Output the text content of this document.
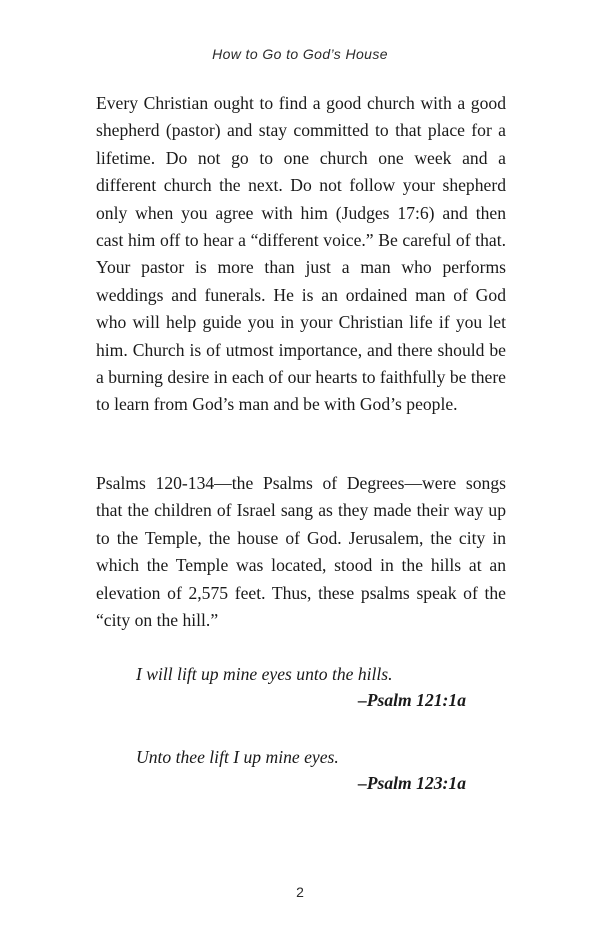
How to Go to God’s House

Every Christian ought to find a good church with a good shepherd (pastor) and stay committed to that place for a lifetime. Do not go to one church one week and a different church the next. Do not follow your shepherd only when you agree with him (Judges 17:6) and then cast him off to hear a “different voice.” Be careful of that. Your pastor is more than just a man who performs weddings and funerals. He is an ordained man of God who will help guide you in your Christian life if you let him. Church is of utmost importance, and there should be a burning desire in each of our hearts to faithfully be there to learn from God’s man and be with God’s people.

Psalms 120-134—the Psalms of Degrees—were songs that the children of Israel sang as they made their way up to the Temple, the house of God. Jerusalem, the city in which the Temple was located, stood in the hills at an elevation of 2,575 feet. Thus, these psalms speak of the “city on the hill.”

I will lift up mine eyes unto the hills.

–Psalm 121:1a

Unto thee lift I up mine eyes.

–Psalm 123:1a

2
